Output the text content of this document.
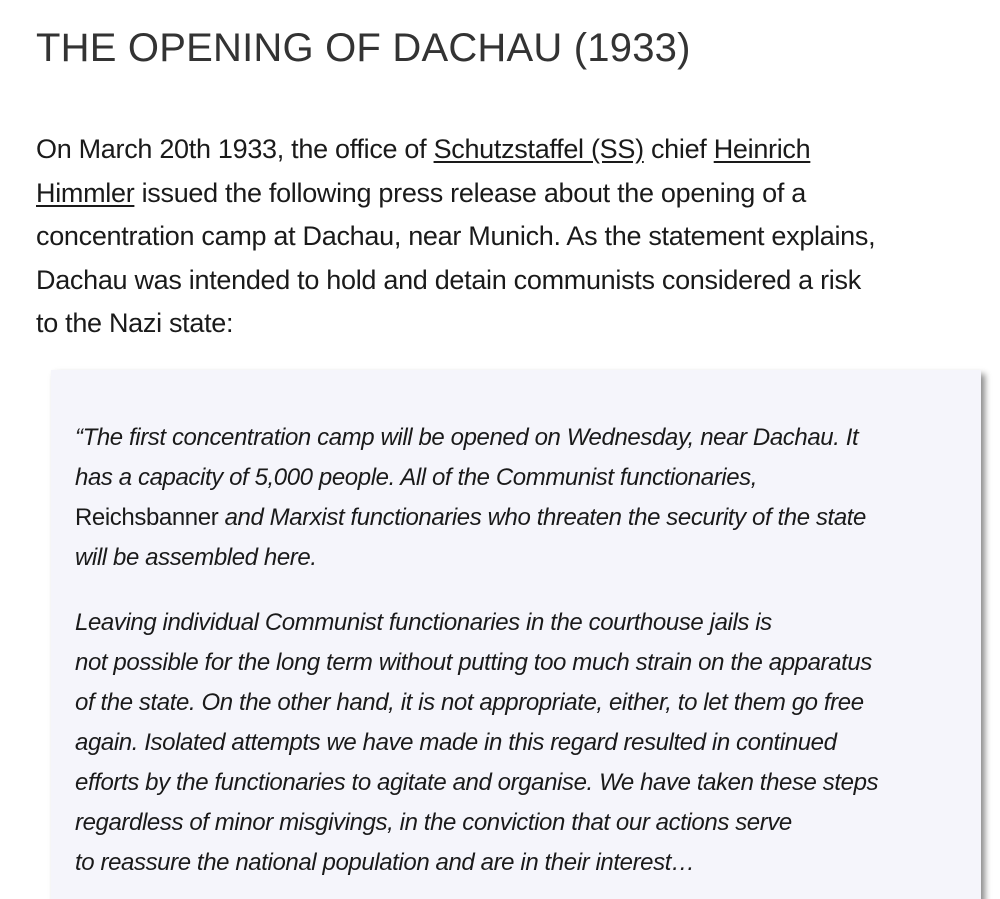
THE OPENING OF DACHAU (1933)

On March 20th 1933, the office of Schutzstaffel (SS) chief Heinrich
Himmler issued the following press release about the opening of a
concentration camp at Dachau, near Munich. As the statement explains,
Dachau was intended to hold and detain communists considered a risk
to the Nazi state:

“The first concentration camp will be opened on Wednesday, near Dachau. It
has a capacity of 5,000 people. All of the Communist functionaries,
Reichsbanner and Marxist functionaries who threaten the security of the state
will be assembled here.

Leaving individual Communist functionaries in the courthouse jails is
not possible for the long term without putting too much strain on the apparatus
of the state. On the other hand, it is not appropriate, either, to let them go free
again. Isolated attempts we have made in this regard resulted in continued
efforts by the functionaries to agitate and organise. We have taken these steps
regardless of minor misgivings, in the conviction that our actions serve
to reassure the national population and are in their interest…
